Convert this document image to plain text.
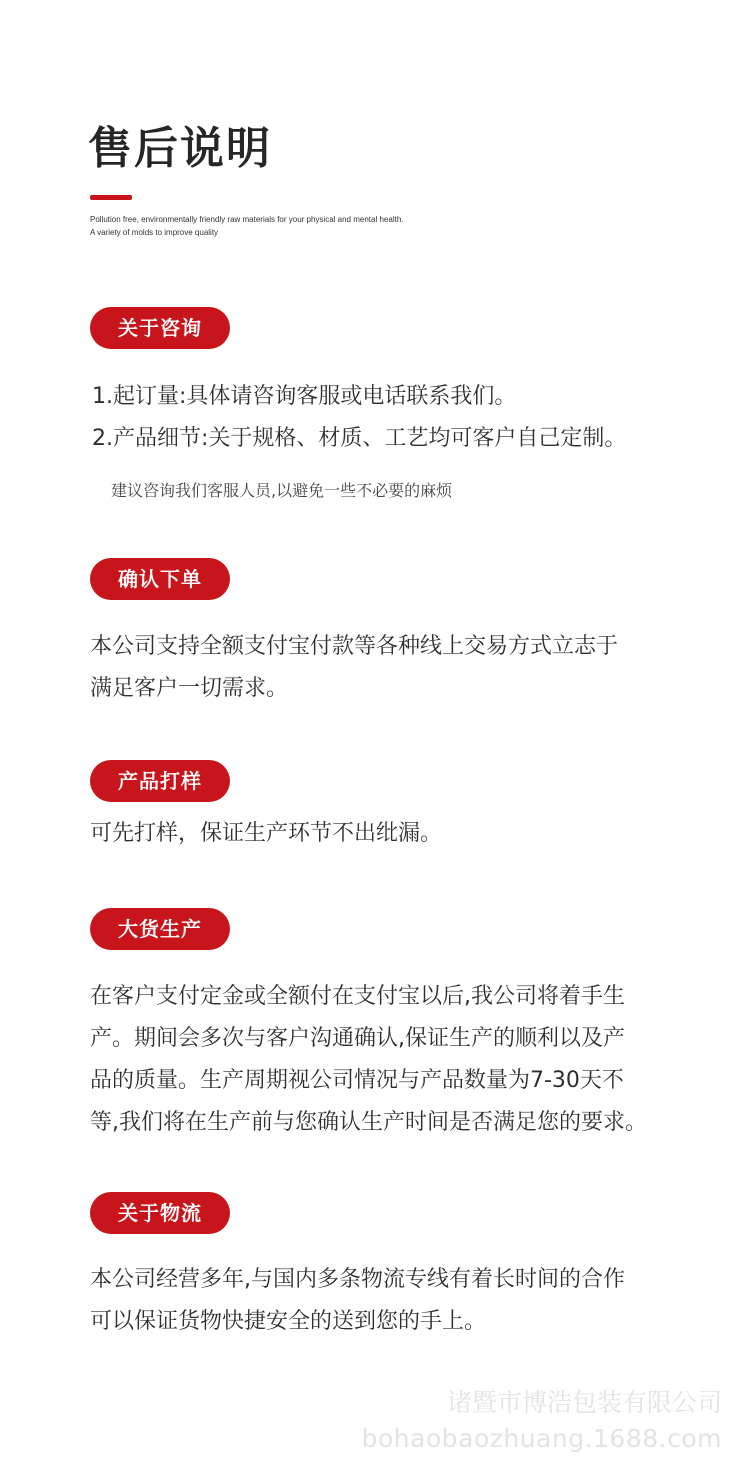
售后说明
Pollution free, environmentally friendly raw materials for your physical and mental health.
A variety of molds to improve quality
关于咨询
1.起订量:具体请咨询客服或电话联系我们。
2.产品细节:关于规格、材质、工艺均可客户自己定制。
建议咨询我们客服人员,以避免一些不必要的麻烦
确认下单
本公司支持全额支付宝付款等各种线上交易方式立志于
满足客户一切需求。
产品打样
可先打样，保证生产环节不出纰漏。
大货生产
在客户支付定金或全额付在支付宝以后,我公司将着手生
产。期间会多次与客户沟通确认,保证生产的顺利以及产
品的质量。生产周期视公司情况与产品数量为7-30天不
等,我们将在生产前与您确认生产时间是否满足您的要求。
关于物流
本公司经营多年,与国内多条物流专线有着长时间的合作
可以保证货物快捷安全的送到您的手上。
诸暨市博浩包装有限公司
bohaobaozhuang.1688.com
